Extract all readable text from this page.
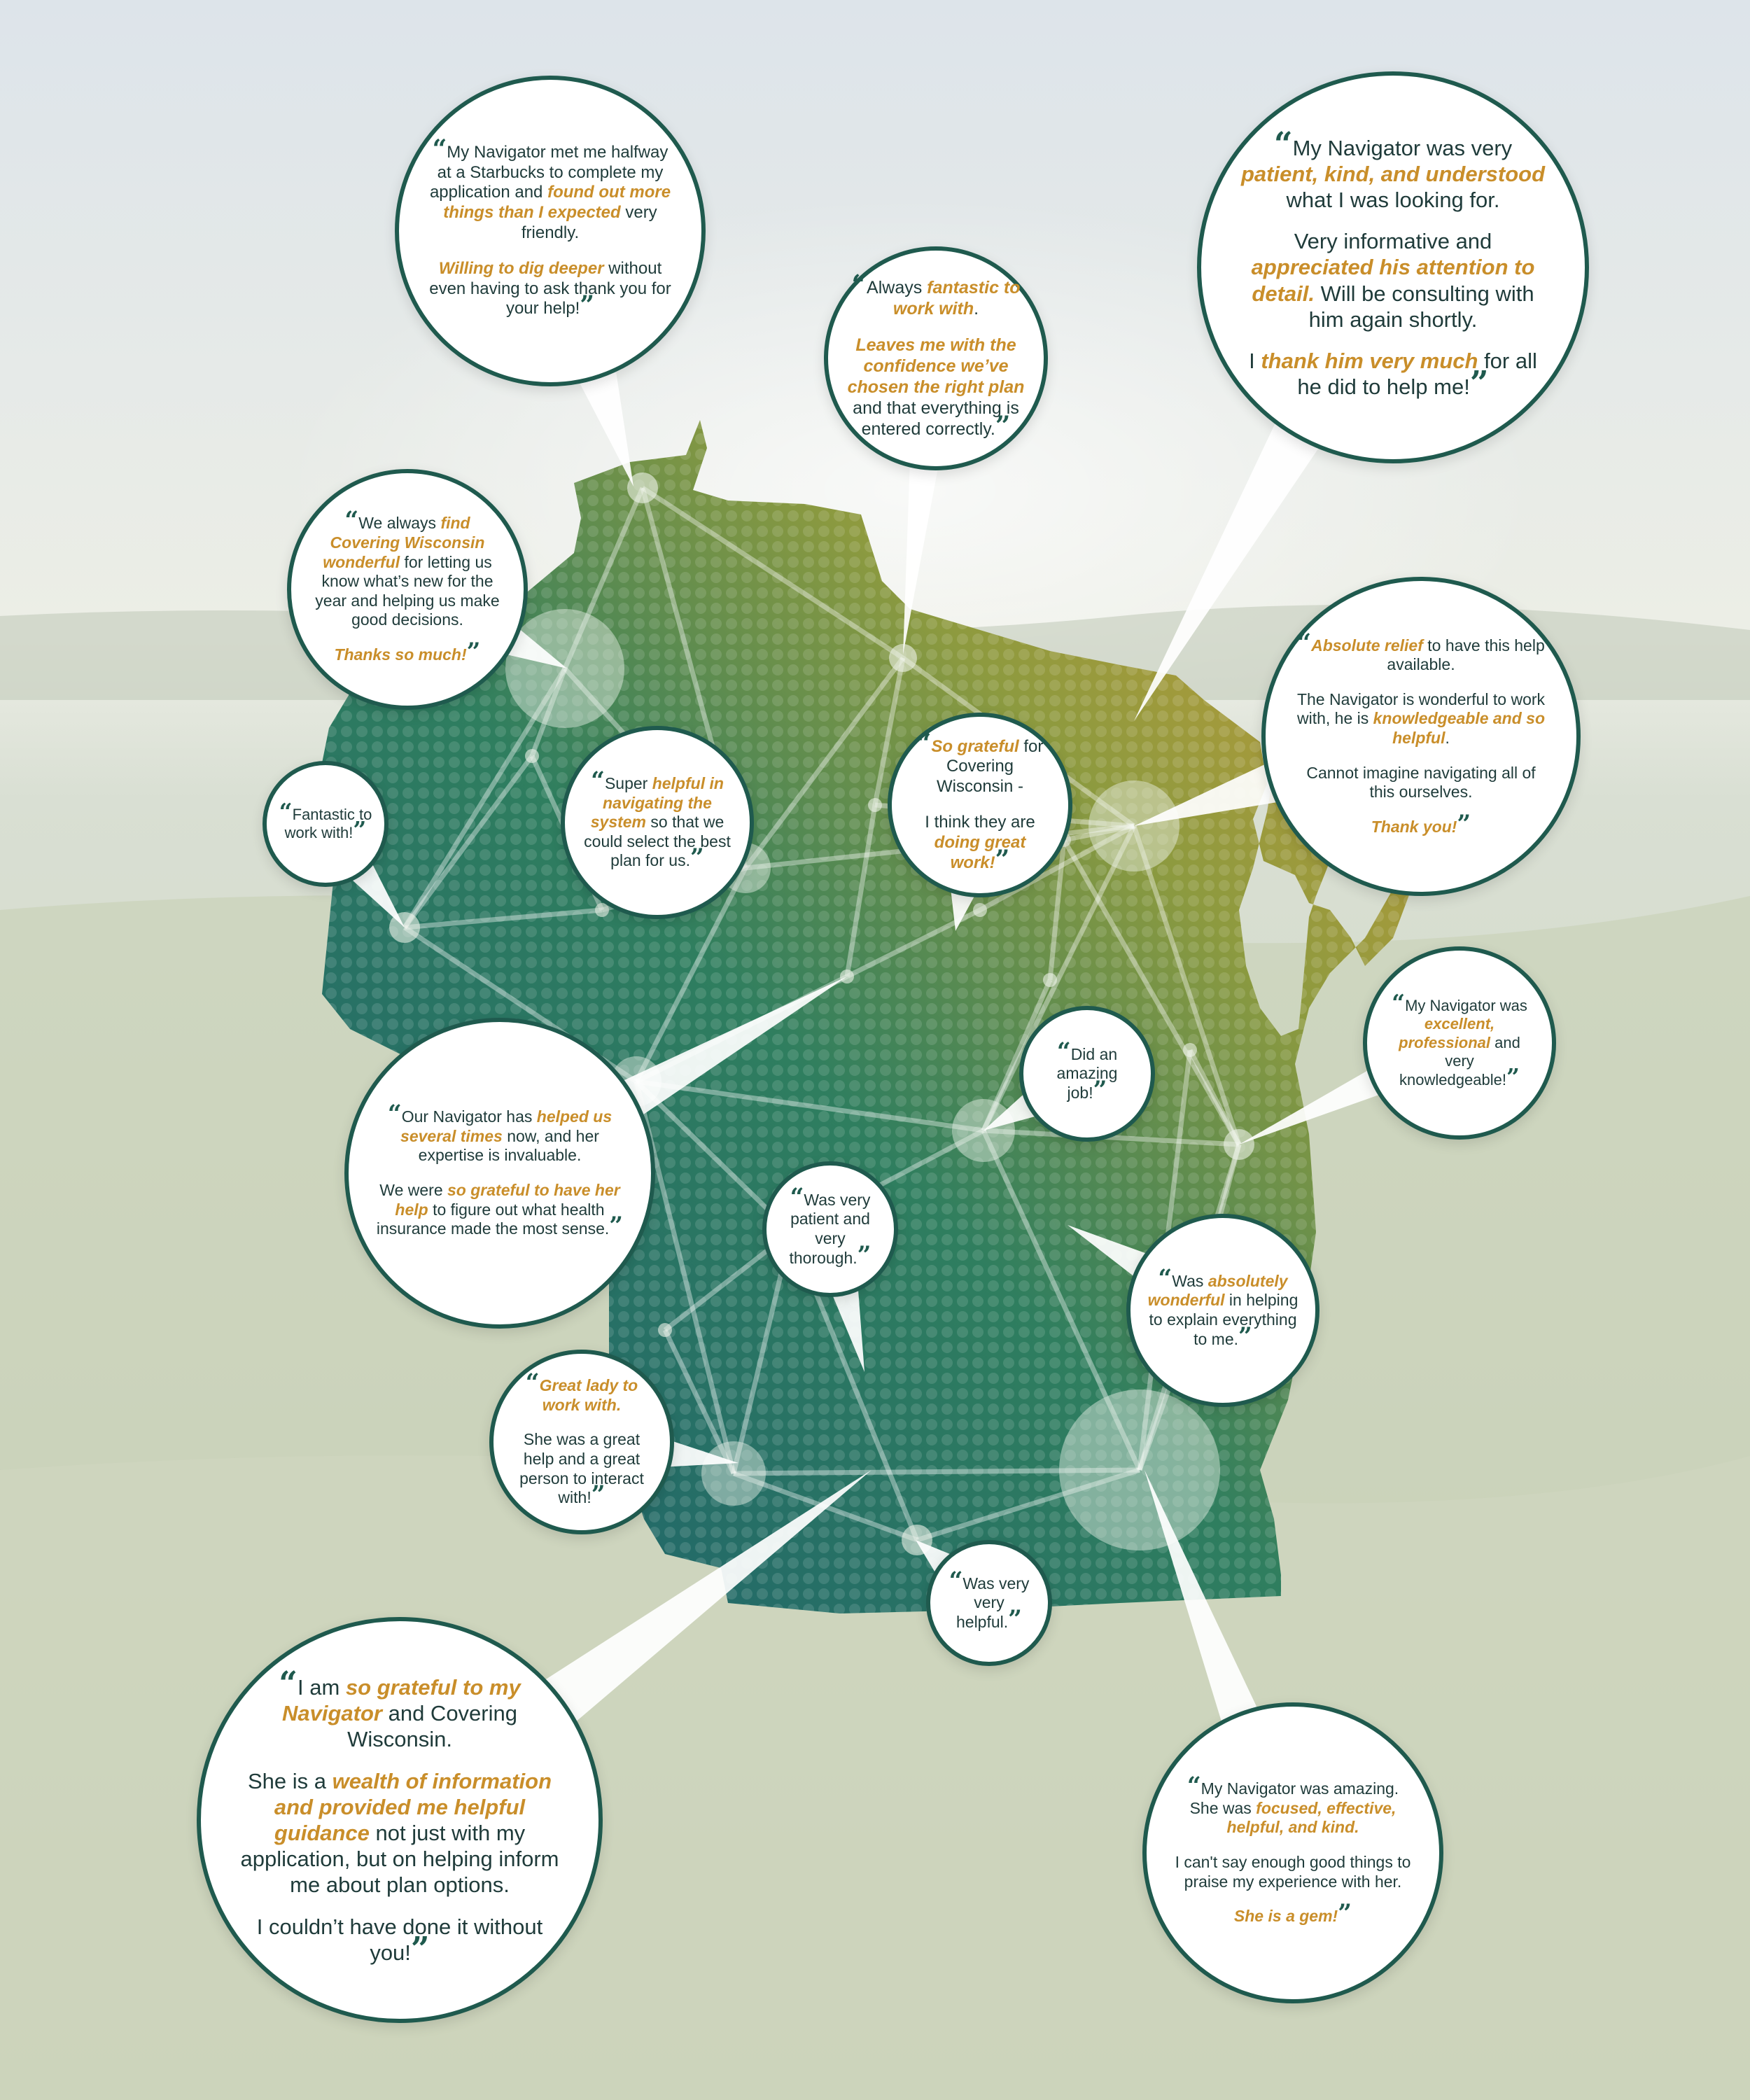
“My Navigator met me halfway at a Starbucks to complete my application and found out more things than I expected very friendly.

Willing to dig deeper without even having to ask thank you for your help!”

“Always fantastic to work with.

Leaves me with the confidence we’ve chosen the right plan and that everything is entered correctly.”

“My Navigator was very patient, kind, and understood what I was looking for.

Very informative and appreciated his attention to detail. Will be consulting with him again shortly.

I thank him very much for all he did to help me!”

“We always find Covering Wisconsin wonderful for letting us know what’s new for the year and helping us make good decisions.

Thanks so much!”	“Absolute relief to have this help available.

The Navigator is wonderful to work with, he is knowledgeable and so helpful.

Cannot imagine navigating all of this ourselves.

Thank you!”

“So grateful for Covering Wisconsin -

I think they are doing great work!”

“Super helpful in navigating the system so that we could select the best plan for us.”

“Fantastic to work with!”

“My Navigator was excellent, professional and very knowledgeable!”

“Did an amazing job!”

“Our Navigator has helped us several times now, and her expertise is invaluable.

We were so grateful to have her help to figure out what health insurance made the most sense.”

“Was very patient and very thorough.”

“Was absolutely wonderful in helping to explain everything to me.”

“Great lady to work with.

She was a great help and a great person to interact with!”

“Was very very helpful.”

“I am so grateful to my Navigator and Covering Wisconsin.

She is a wealth of information and provided me helpful guidance not just with my application, but on helping inform me about plan options.

I couldn’t have done it without you!”

“My Navigator was amazing. She was focused, effective, helpful, and kind.

I can't say enough good things to praise my experience with her.

She is a gem!”
